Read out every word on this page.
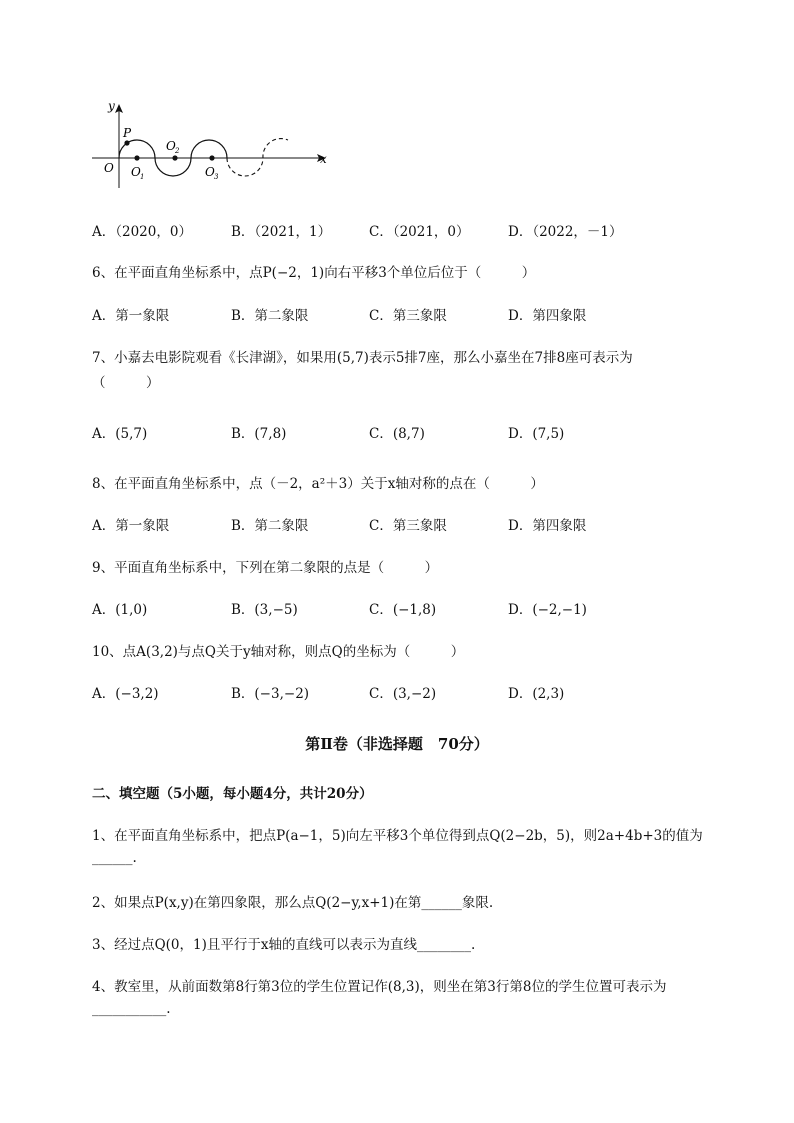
y
x
O
P
O 1
O 2
O 3
A．（2020，0）	B．（2021，1）	C．（2021，0）	D．（2022，－1）
6、在平面直角坐标系中，点P(−2，1)向右平移3个单位后位于（　　　）
A．第一象限	B．第二象限	C．第三象限	D．第四象限
7、小嘉去电影院观看《长津湖》，如果用(5,7)表示5排7座，那么小嘉坐在7排8座可表示为
（　　　）
A．(5,7)	B．(7,8)	C．(8,7)	D．(7,5)
8、在平面直角坐标系中，点（－2，a²＋3）关于x轴对称的点在（　　　）
A．第一象限	B．第二象限	C．第三象限	D．第四象限
9、平面直角坐标系中，下列在第二象限的点是（　　　）
A．(1,0)	B．(3,−5)	C．(−1,8)	D．(−2,−1)
10、点A(3,2)与点Q关于y轴对称，则点Q的坐标为（　　　）
A．(−3,2)	B．(−3,−2)	C．(3,−2)	D．(2,3)
第Ⅱ卷（非选择题　70分）
二、填空题（5小题，每小题4分，共计20分）
1、在平面直角坐标系中，把点P(a−1，5)向左平移3个单位得到点Q(2−2b，5)，则2a+4b+3的值为
______.
2、如果点P(x,y)在第四象限，那么点Q(2−y,x+1)在第______象限.
3、经过点Q(0，1)且平行于x轴的直线可以表示为直线________.
4、教室里，从前面数第8行第3位的学生位置记作(8,3)，则坐在第3行第8位的学生位置可表示为
___________.
